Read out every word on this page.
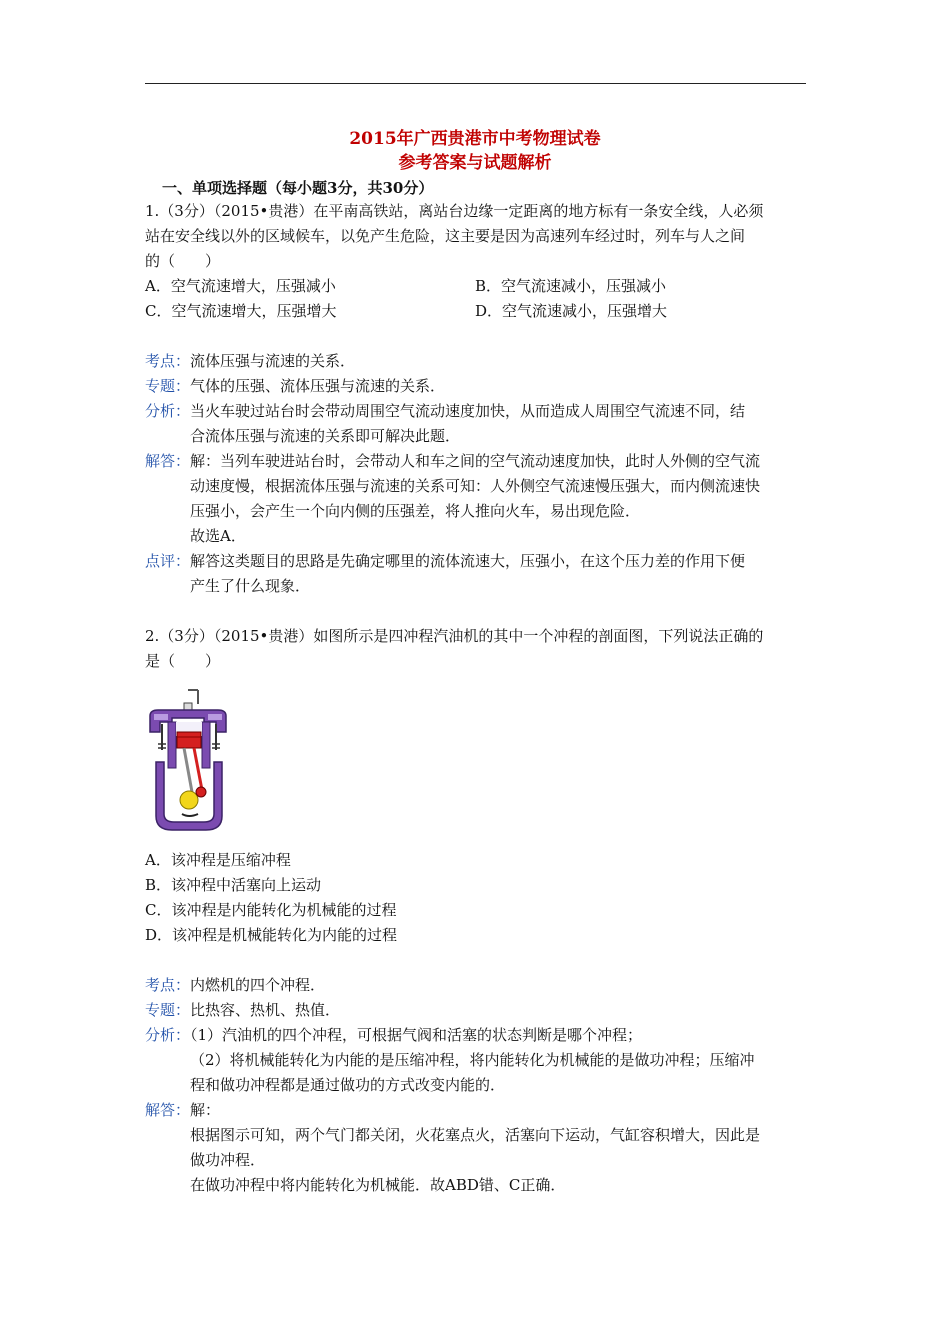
2015年广西贵港市中考物理试卷
参考答案与试题解析
一、单项选择题（每小题3分，共30分）
1.（3分）（2015•贵港）在平南高铁站，离站台边缘一定距离的地方标有一条安全线，人必须
站在安全线以外的区域候车，以免产生危险，这主要是因为高速列车经过时，列车与人之间
的（　　）
A．空气流速增大，压强减小	B．空气流速减小，压强减小
C．空气流速增大，压强增大	D．空气流速减小，压强增大
考点：流体压强与流速的关系．
专题：气体的压强、流体压强与流速的关系．
分析：当火车驶过站台时会带动周围空气流动速度加快，从而造成人周围空气流速不同，结
合流体压强与流速的关系即可解决此题．
解答：解：当列车驶进站台时，会带动人和车之间的空气流动速度加快，此时人外侧的空气流
动速度慢，根据流体压强与流速的关系可知：人外侧空气流速慢压强大，而内侧流速快
压强小，会产生一个向内侧的压强差，将人推向火车，易出现危险．
故选A．
点评：解答这类题目的思路是先确定哪里的流体流速大，压强小，在这个压力差的作用下便
产生了什么现象．
2.（3分）（2015•贵港）如图所示是四冲程汽油机的其中一个冲程的剖面图，下列说法正确的
是（　　）
A．该冲程是压缩冲程
B．该冲程中活塞向上运动
C．该冲程是内能转化为机械能的过程
D．该冲程是机械能转化为内能的过程
考点：内燃机的四个冲程．
专题：比热容、热机、热值．
分析：（1）汽油机的四个冲程，可根据气阀和活塞的状态判断是哪个冲程；
（2）将机械能转化为内能的是压缩冲程，将内能转化为机械能的是做功冲程；压缩冲
程和做功冲程都是通过做功的方式改变内能的．
解答：解：
根据图示可知，两个气门都关闭，火花塞点火，活塞向下运动，气缸容积增大，因此是
做功冲程．
在做功冲程中将内能转化为机械能．故ABD错、C正确．
